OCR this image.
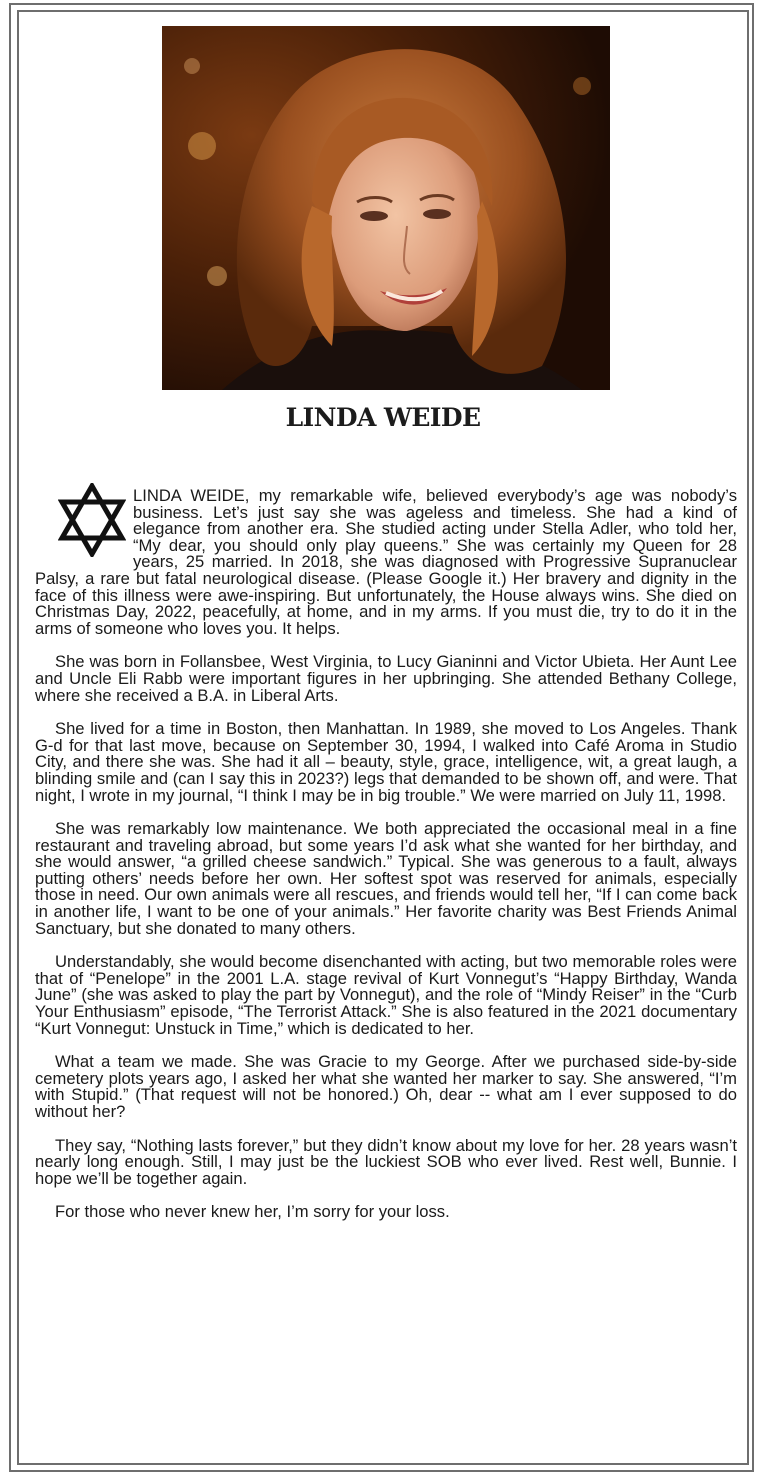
LINDA WEIDE

LINDA WEIDE, my remarkable wife, believed everybody’s age was nobody’s business. Let’s just say she was ageless and timeless. She had a kind of elegance from another era. She studied acting under Stella Adler, who told her, “My dear, you should only play queens.” She was certainly my Queen for 28 years, 25 married. In 2018, she was diagnosed with Progressive Supranuclear Palsy, a rare but fatal neurological disease. (Please Google it.) Her bravery and dignity in the face of this illness were awe-inspiring. But unfortunately, the House always wins. She died on Christmas Day, 2022, peacefully, at home, and in my arms. If you must die, try to do it in the arms of someone who loves you. It helps.

She was born in Follansbee, West Virginia, to Lucy Gianinni and Victor Ubieta. Her Aunt Lee and Uncle Eli Rabb were important figures in her upbringing. She attended Bethany College, where she received a B.A. in Liberal Arts.

She lived for a time in Boston, then Manhattan. In 1989, she moved to Los Angeles. Thank G-d for that last move, because on September 30, 1994, I walked into Café Aroma in Studio City, and there she was. She had it all – beauty, style, grace, intelligence, wit, a great laugh, a blinding smile and (can I say this in 2023?) legs that demanded to be shown off, and were. That night, I wrote in my journal, “I think I may be in big trouble.” We were married on July 11, 1998.

She was remarkably low maintenance. We both appreciated the occasional meal in a fine restaurant and traveling abroad, but some years I’d ask what she wanted for her birthday, and she would answer, “a grilled cheese sandwich.” Typical. She was generous to a fault, always putting others’ needs before her own. Her softest spot was reserved for animals, especially those in need. Our own animals were all rescues, and friends would tell her, “If I can come back in another life, I want to be one of your animals.” Her favorite charity was Best Friends Animal Sanctuary, but she donated to many others.

Understandably, she would become disenchanted with acting, but two memorable roles were that of “Penelope” in the 2001 L.A. stage revival of Kurt Vonnegut’s “Happy Birthday, Wanda June” (she was asked to play the part by Vonnegut), and the role of “Mindy Reiser” in the “Curb Your Enthusiasm” episode, “The Terrorist Attack.” She is also featured in the 2021 documentary “Kurt Vonnegut: Unstuck in Time,” which is dedicated to her.

What a team we made. She was Gracie to my George. After we purchased side-by-side cemetery plots years ago, I asked her what she wanted her marker to say. She answered, “I’m with Stupid.” (That request will not be honored.) Oh, dear -- what am I ever supposed to do without her?

They say, “Nothing lasts forever,” but they didn’t know about my love for her. 28 years wasn’t nearly long enough. Still, I may just be the luckiest SOB who ever lived. Rest well, Bunnie. I hope we’ll be together again.

For those who never knew her, I’m sorry for your loss.
